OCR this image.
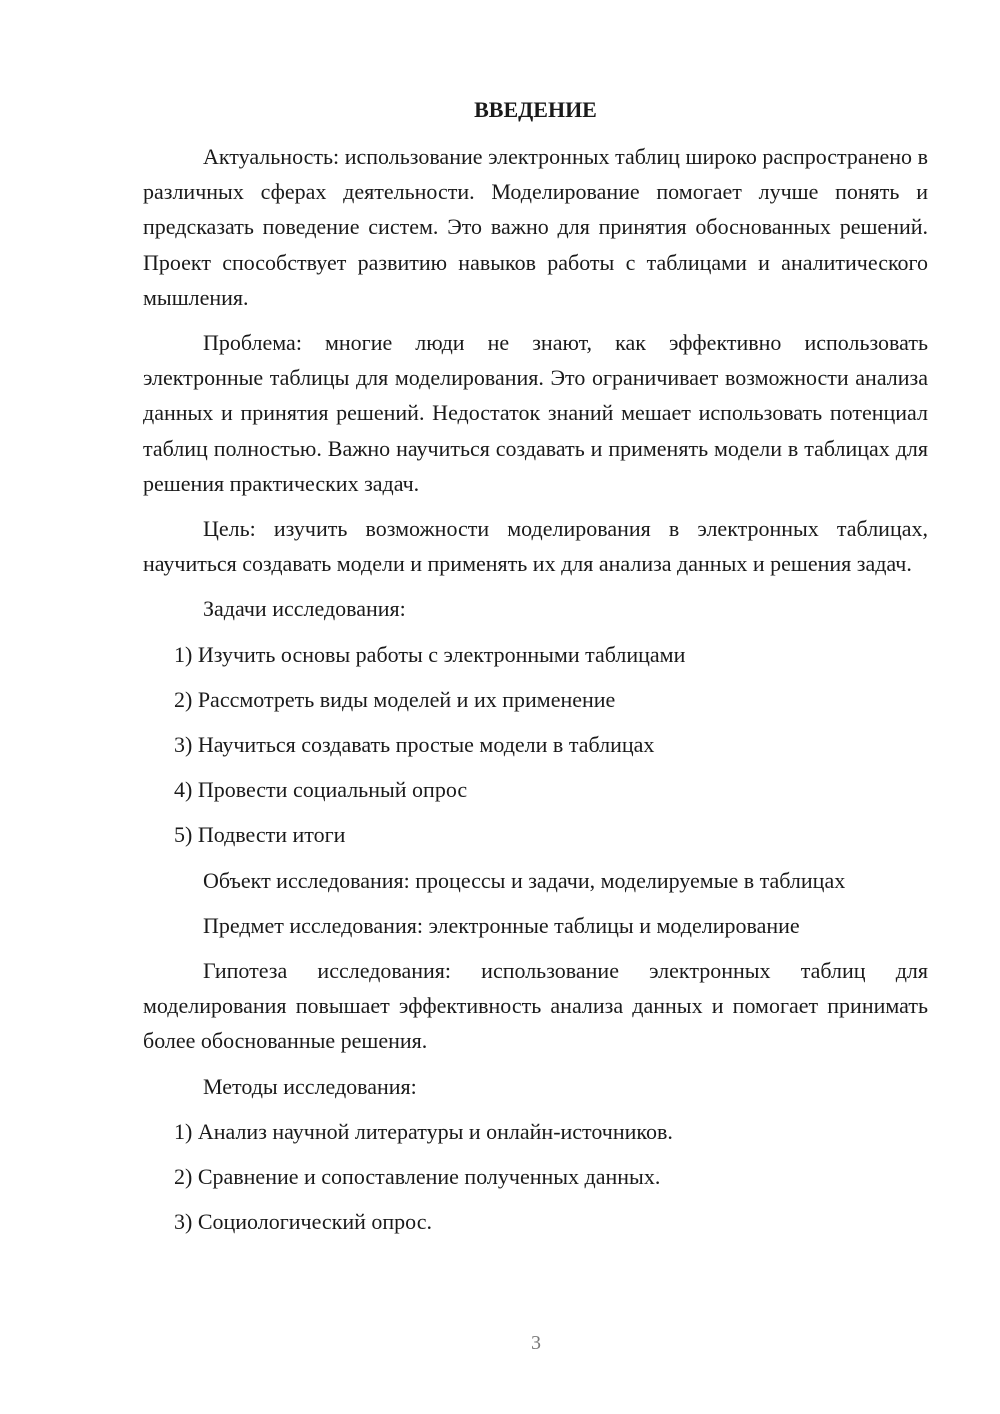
ВВЕДЕНИЕ
Актуальность: использование электронных таблиц широко распространено в различных сферах деятельности. Моделирование помогает лучше понять и предсказать поведение систем. Это важно для принятия обоснованных решений. Проект способствует развитию навыков работы с таблицами и аналитического мышления.
Проблема: многие люди не знают, как эффективно использовать электронные таблицы для моделирования. Это ограничивает возможности анализа данных и принятия решений. Недостаток знаний мешает использовать потенциал таблиц полностью. Важно научиться создавать и применять модели в таблицах для решения практических задач.
Цель: изучить возможности моделирования в электронных таблицах, научиться создавать модели и применять их для анализа данных и решения задач.
Задачи исследования:
1) Изучить основы работы с электронными таблицами
2) Рассмотреть виды моделей и их применение
3) Научиться создавать простые модели в таблицах
4) Провести социальный опрос
5) Подвести итоги
Объект исследования: процессы и задачи, моделируемые в таблицах
Предмет исследования: электронные таблицы и моделирование
Гипотеза исследования: использование электронных таблиц для моделирования повышает эффективность анализа данных и помогает принимать более обоснованные решения.
Методы исследования:
1) Анализ научной литературы и онлайн-источников.
2) Сравнение и сопоставление полученных данных.
3) Социологический опрос.
3
